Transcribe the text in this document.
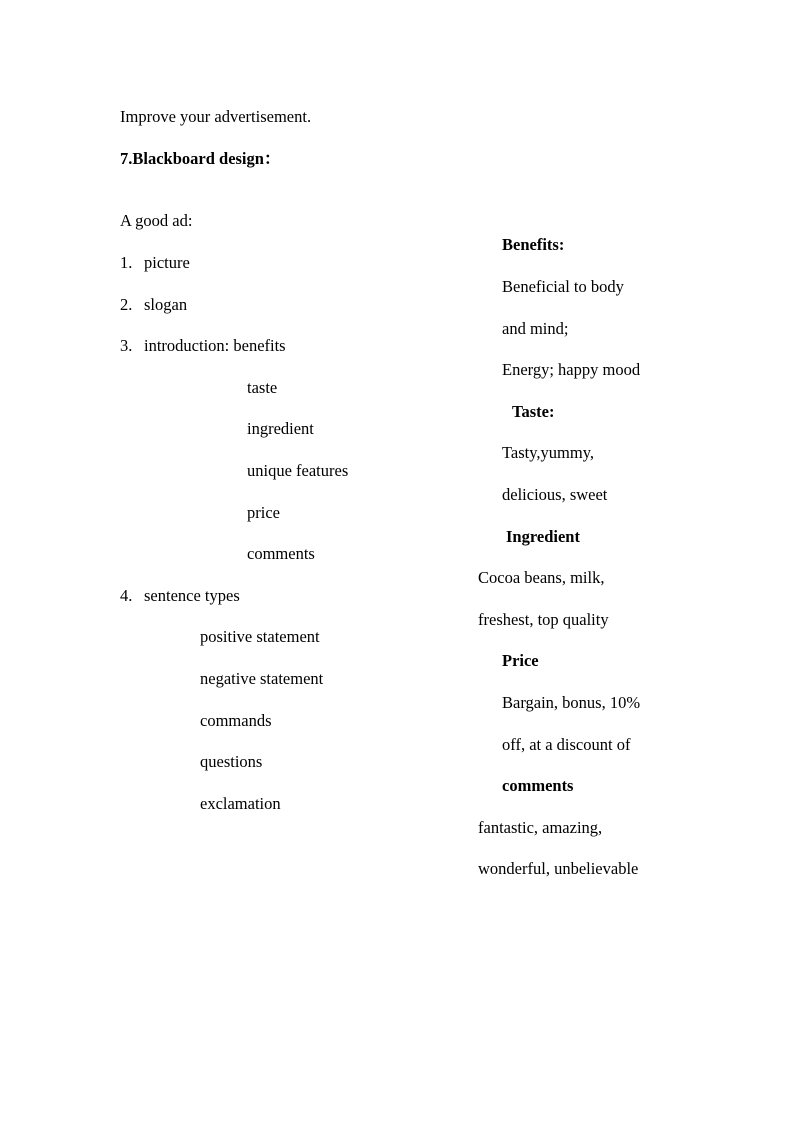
Improve your advertisement.
7.Blackboard design：
A good ad:
1. picture
2. slogan
3. introduction: benefits
taste
ingredient
unique features
price
comments
4. sentence types
positive statement
negative statement
commands
questions
exclamation
Benefits:
Beneficial to body
and mind;
Energy; happy mood
Taste:
Tasty,yummy,
delicious, sweet
Ingredient
Cocoa beans, milk,
freshest, top quality
Price
Bargain, bonus, 10%
off, at a discount of
comments
fantastic, amazing,
wonderful, unbelievable
